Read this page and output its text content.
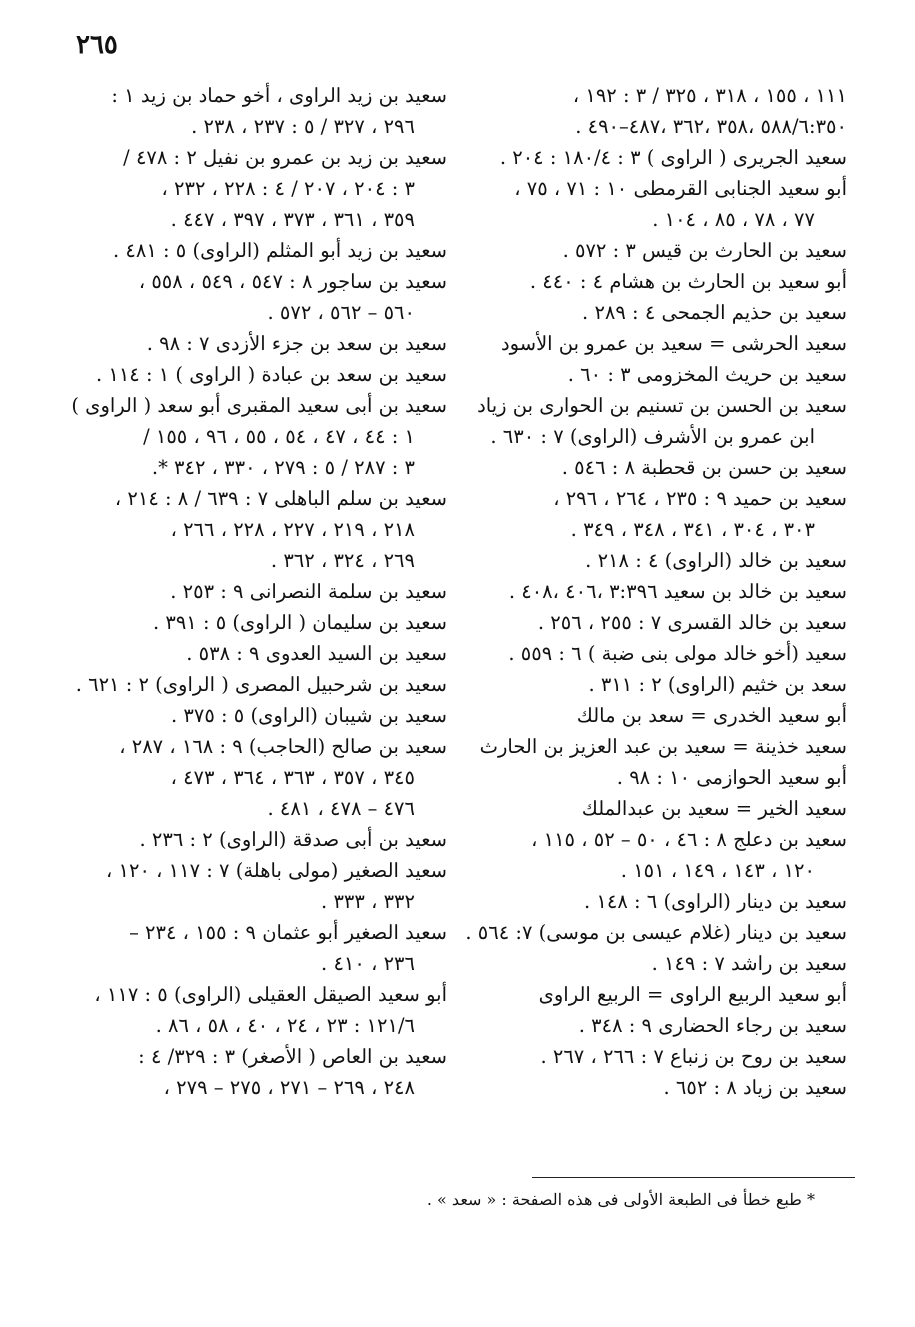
٢٦٥

١١١ ، ١٥٥ ، ٣١٨ ، ٣٢٥ / ٣ : ١٩٢ ،

٥٨٨/٦:٣٥٠ ،٣٥٨ ،٣٦٢ ،٤٨٧–٤٩٠ .

سعيد الجريرى ( الراوى ) ٣ : ١٨٠/٤ : ٢٠٤ .

أبو سعيد الجنابى القرمطى ١٠ : ٧١ ، ٧٥ ،

٧٧ ، ٧٨ ، ٨٥ ، ١٠٤ .

سعيد بن الحارث بن قيس ٣ : ٥٧٢ .

أبو سعيد بن الحارث بن هشام ٤ : ٤٤٠ .

سعيد بن حذيم الجمحى ٤ : ٢٨٩ .

سعيد الحرشى = سعيد بن عمرو بن الأسود

سعيد بن حريث المخزومى ٣ : ٦٠ .

سعيد بن الحسن بن تسنيم بن الحوارى بن زياد

ابن عمرو بن الأشرف (الراوى) ٧ : ٦٣٠ .

سعيد بن حسن بن قحطبة ٨ : ٥٤٦ .

سعيد بن حميد ٩ : ٢٣٥ ، ٢٦٤ ، ٢٩٦ ،

٣٠٣ ، ٣٠٤ ، ٣٤١ ، ٣٤٨ ، ٣٤٩ .

سعيد بن خالد (الراوى) ٤ : ٢١٨ .

سعيد بن خالد بن سعيد ٣:٣٩٦ ،٤٠٦ ،٤٠٨ .

سعيد بن خالد القسرى ٧ : ٢٥٥ ، ٢٥٦ .

سعيد (أخو خالد مولى بنى ضبة ) ٦ : ٥٥٩ .

سعد بن خثيم (الراوى) ٢ : ٣١١ .

أبو سعيد الخدرى = سعد بن مالك

سعيد خذينة = سعيد بن عبد العزيز بن الحارث

أبو سعيد الحوازمى ١٠ : ٩٨ .

سعيد الخير = سعيد بن عبدالملك

سعيد بن دعلج ٨ : ٤٦ ، ٥٠ – ٥٢ ، ١١٥ ،

١٢٠ ، ١٤٣ ، ١٤٩ ، ١٥١ .

سعيد بن دينار (الراوى) ٦ : ١٤٨ .

سعيد بن دينار (غلام عيسى بن موسى) ٧: ٥٦٤ .

سعيد بن راشد ٧ : ١٤٩ .

أبو سعيد الربيع الراوى = الربيع الراوى

سعيد بن رجاء الحضارى ٩ : ٣٤٨ .

سعيد بن روح بن زنباع ٧ : ٢٦٦ ، ٢٦٧ .

سعيد بن زياد ٨ : ٦٥٢ .

سعيد بن زيد الراوى ، أخو حماد بن زيد ١ :

٢٩٦ ، ٣٢٧ / ٥ : ٢٣٧ ، ٢٣٨ .

سعيد بن زيد بن عمرو بن نفيل ٢ : ٤٧٨ /

٣ : ٢٠٤ ، ٢٠٧ / ٤ : ٢٢٨ ، ٢٣٢ ،

٣٥٩ ، ٣٦١ ، ٣٧٣ ، ٣٩٧ ، ٤٤٧ .

سعيد بن زيد أبو المثلم (الراوى) ٥ : ٤٨١ .

سعيد بن ساجور ٨ : ٥٤٧ ، ٥٤٩ ، ٥٥٨ ،

٥٦٠ – ٥٦٢ ، ٥٧٢ .

سعيد بن سعد بن جزء الأزدى ٧ : ٩٨ .

سعيد بن سعد بن عبادة ( الراوى ) ١ : ١١٤ .

سعيد بن أبى سعيد المقبرى أبو سعد ( الراوى )

١ : ٤٤ ، ٤٧ ، ٥٤ ، ٥٥ ، ٩٦ ، ١٥٥ /

٣ : ٢٨٧ / ٥ : ٢٧٩ ، ٣٣٠ ، ٣٤٢ *.

سعيد بن سلم الباهلى ٧ : ٦٣٩ / ٨ : ٢١٤ ،

٢١٨ ، ٢١٩ ، ٢٢٧ ، ٢٢٨ ، ٢٦٦ ،

٢٦٩ ، ٣٢٤ ، ٣٦٢ .

سعيد بن سلمة النصرانى ٩ : ٢٥٣ .

سعيد بن سليمان ( الراوى) ٥ : ٣٩١ .

سعيد بن السيد العدوى ٩ : ٥٣٨ .

سعيد بن شرحبيل المصرى ( الراوى) ٢ : ٦٢١ .

سعيد بن شيبان (الراوى) ٥ : ٣٧٥ .

سعيد بن صالح (الحاجب) ٩ : ١٦٨ ، ٢٨٧ ،

٣٤٥ ، ٣٥٧ ، ٣٦٣ ، ٣٦٤ ، ٤٧٣ ،

٤٧٦ – ٤٧٨ ، ٤٨١ .

سعيد بن أبى صدقة (الراوى) ٢ : ٢٣٦ .

سعيد الصغير (مولى باهلة) ٧ : ١١٧ ، ١٢٠ ،

٣٣٢ ، ٣٣٣ .

سعيد الصغير أبو عثمان ٩ : ١٥٥ ، ٢٣٤ –

٢٣٦ ، ٤١٠ .

أبو سعيد الصيقل العقيلى (الراوى) ٥ : ١١٧ ،

١٢١/٦ : ٢٣ ، ٢٤ ، ٤٠ ، ٥٨ ، ٨٦ .

سعيد بن العاص ( الأصغر) ٣ : ٣٢٩/ ٤ :

٢٤٨ ، ٢٦٩ – ٢٧١ ، ٢٧٥ – ٢٧٩ ،

* طبع خطأ فى الطبعة الأولى فى هذه الصفحة : « سعد » .
